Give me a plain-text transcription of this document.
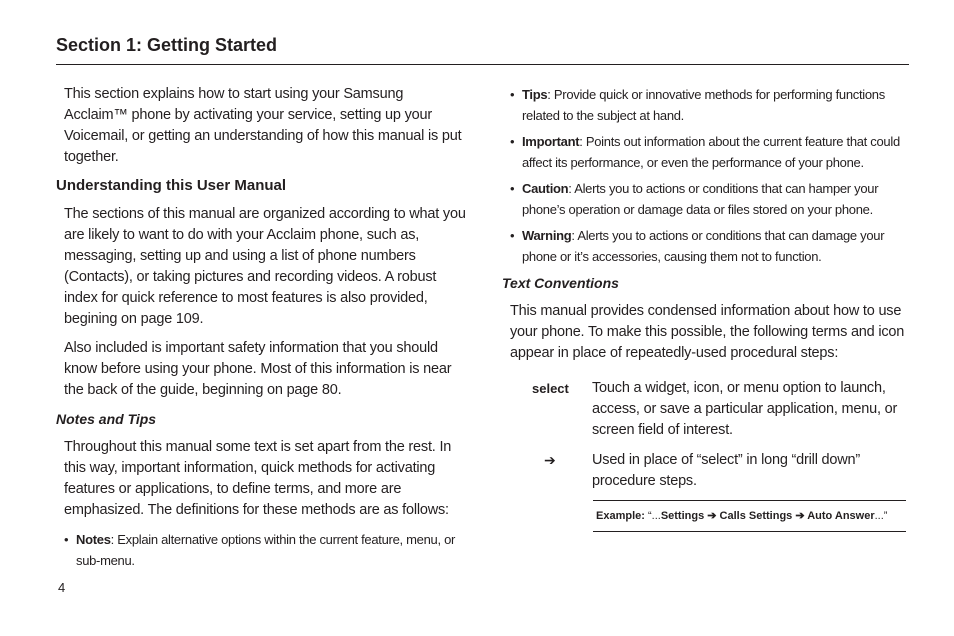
Section 1: Getting Started

This section explains how to start using your Samsung Acclaim™ phone by activating your service, setting up your Voicemail, or getting an understanding of how this manual is put together.

Understanding this User Manual

The sections of this manual are organized according to what you are likely to want to do with your Acclaim phone, such as, messaging, setting up and using a list of phone numbers (Contacts), or taking pictures and recording videos. A robust index for quick reference to most features is also provided, begining on page 109.

Also included is important safety information that you should know before using your phone. Most of this information is near the back of the guide, beginning on page 80.

Notes and Tips

Throughout this manual some text is set apart from the rest. In this way, important information, quick methods for activating features or applications, to define terms, and more are emphasized. The definitions for these methods are as follows:

• Notes: Explain alternative options within the current feature, menu, or sub-menu.
• Tips: Provide quick or innovative methods for performing functions related to the subject at hand.
• Important: Points out information about the current feature that could affect its performance, or even the performance of your phone.
• Caution: Alerts you to actions or conditions that can hamper your phone’s operation or damage data or files stored on your phone.
• Warning: Alerts you to actions or conditions that can damage your phone or it’s accessories, causing them not to function.
Text Conventions

This manual provides condensed information about how to use your phone. To make this possible, the following terms and icon appear in place of repeatedly-used procedural steps:

select Touch a widget, icon, or menu option to launch, access, or save a particular application, menu, or screen field of interest.
➔	Used in place of “select” in long “drill down” procedure steps.
Example: “...Settings ➔ Calls Settings ➔ Auto Answer...”
4
